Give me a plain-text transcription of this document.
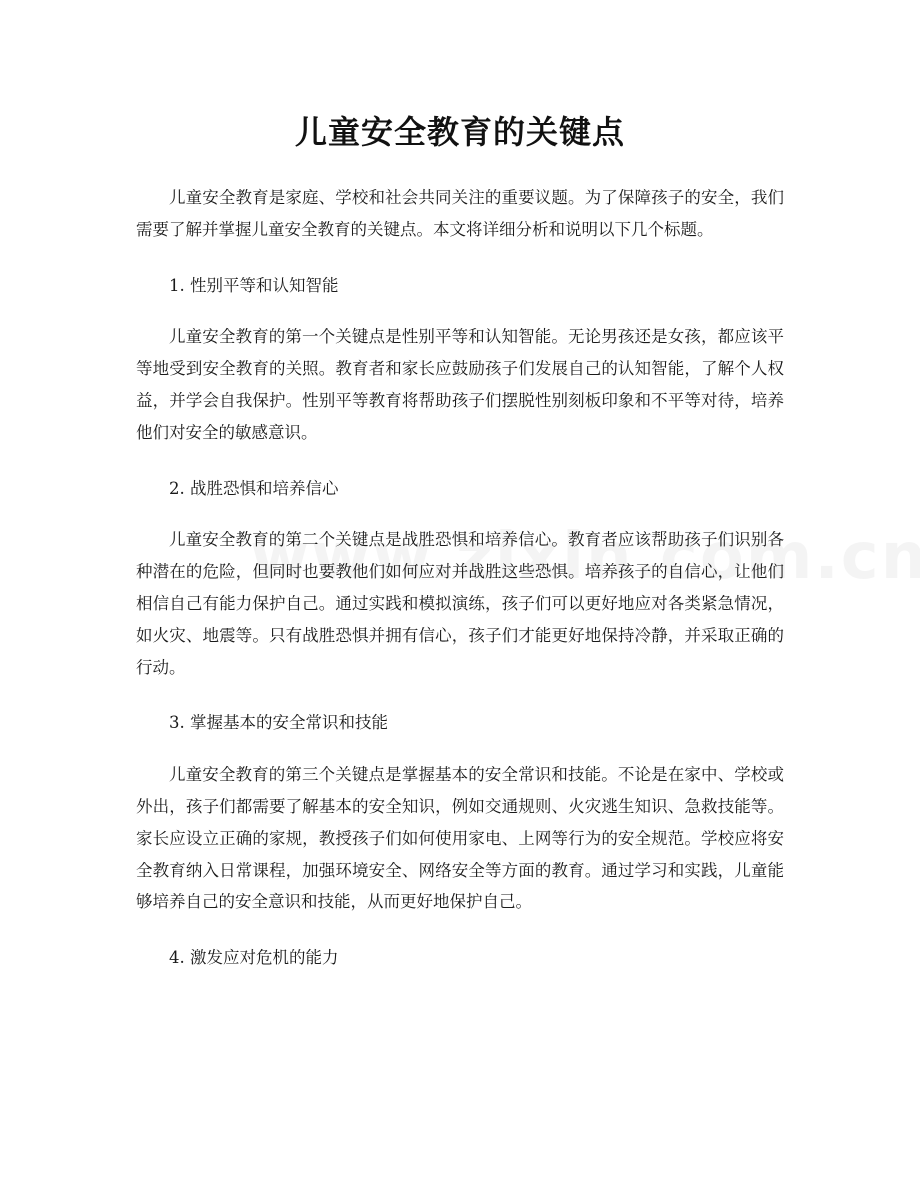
儿童安全教育的关键点

儿童安全教育是家庭、学校和社会共同关注的重要议题。为了保障孩子的安全，我们需要了解并掌握儿童安全教育的关键点。本文将详细分析和说明以下几个标题。

1. 性别平等和认知智能

儿童安全教育的第一个关键点是性别平等和认知智能。无论男孩还是女孩，都应该平等地受到安全教育的关照。教育者和家长应鼓励孩子们发展自己的认知智能，了解个人权益，并学会自我保护。性别平等教育将帮助孩子们摆脱性别刻板印象和不平等对待，培养他们对安全的敏感意识。

2. 战胜恐惧和培养信心

儿童安全教育的第二个关键点是战胜恐惧和培养信心。教育者应该帮助孩子们识别各种潜在的危险，但同时也要教他们如何应对并战胜这些恐惧。培养孩子的自信心，让他们相信自己有能力保护自己。通过实践和模拟演练，孩子们可以更好地应对各类紧急情况，如火灾、地震等。只有战胜恐惧并拥有信心，孩子们才能更好地保持冷静，并采取正确的行动。

3. 掌握基本的安全常识和技能

儿童安全教育的第三个关键点是掌握基本的安全常识和技能。不论是在家中、学校或外出，孩子们都需要了解基本的安全知识，例如交通规则、火灾逃生知识、急救技能等。家长应设立正确的家规，教授孩子们如何使用家电、上网等行为的安全规范。学校应将安全教育纳入日常课程，加强环境安全、网络安全等方面的教育。通过学习和实践，儿童能够培养自己的安全意识和技能，从而更好地保护自己。

4. 激发应对危机的能力
